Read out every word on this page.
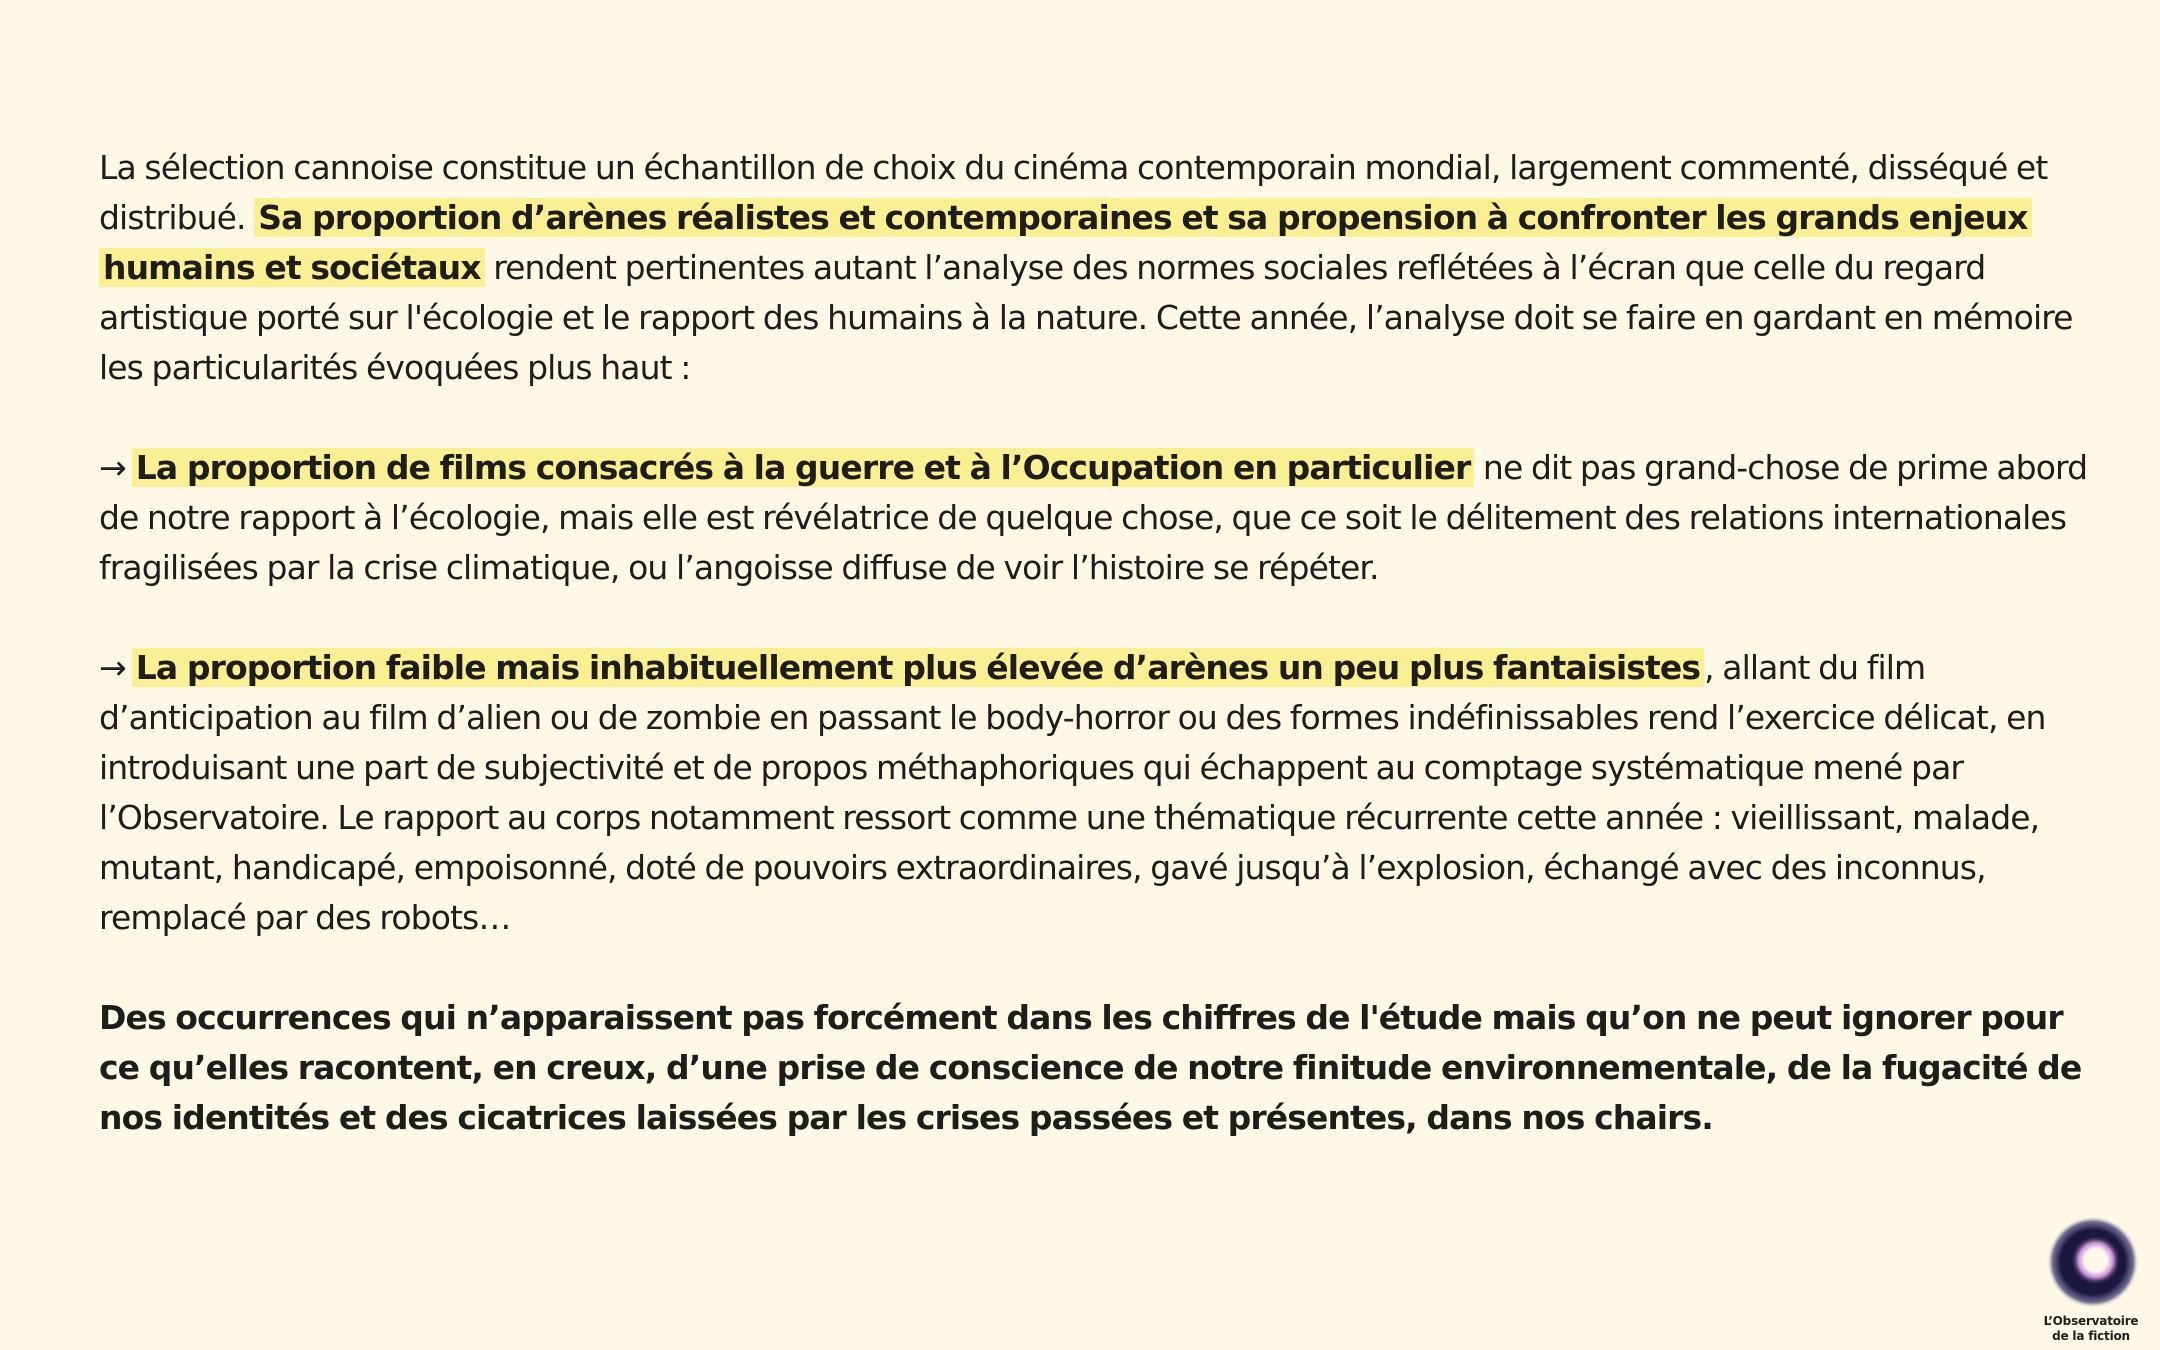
La sélection cannoise constitue un échantillon de choix du cinéma contemporain mondial, largement commenté, disséqué et distribué. Sa proportion d’arènes réalistes et contemporaines et sa propension à confronter les grands enjeux humains et sociétaux rendent pertinentes autant l’analyse des normes sociales reflétées à l’écran que celle du regard artistique porté sur l'écologie et le rapport des humains à la nature. Cette année, l’analyse doit se faire en gardant en mémoire les particularités évoquées plus haut :

→ La proportion de films consacrés à la guerre et à l’Occupation en particulier ne dit pas grand-chose de prime abord de notre rapport à l’écologie, mais elle est révélatrice de quelque chose, que ce soit le délitement des relations internationales fragilisées par la crise climatique, ou l’angoisse diffuse de voir l’histoire se répéter.

→ La proportion faible mais inhabituellement plus élevée d’arènes un peu plus fantaisistes , allant du film d’anticipation au film d’alien ou de zombie en passant le body-horror ou des formes indéfinissables rend l’exercice délicat, en introduisant une part de subjectivité et de propos méthaphoriques qui échappent au comptage systématique mené par l’Observatoire. Le rapport au corps notamment ressort comme une thématique récurrente cette année : vieillissant, malade, mutant, handicapé, empoisonné, doté de pouvoirs extraordinaires, gavé jusqu’à l’explosion, échangé avec des inconnus, remplacé par des robots…

Des occurrences qui n’apparaissent pas forcément dans les chiffres de l'étude mais qu’on ne peut ignorer pour ce qu’elles racontent, en creux, d’une prise de conscience de notre finitude environnementale, de la fugacité de nos identités et des cicatrices laissées par les crises passées et présentes, dans nos chairs.

L’Observatoire
de la fiction
